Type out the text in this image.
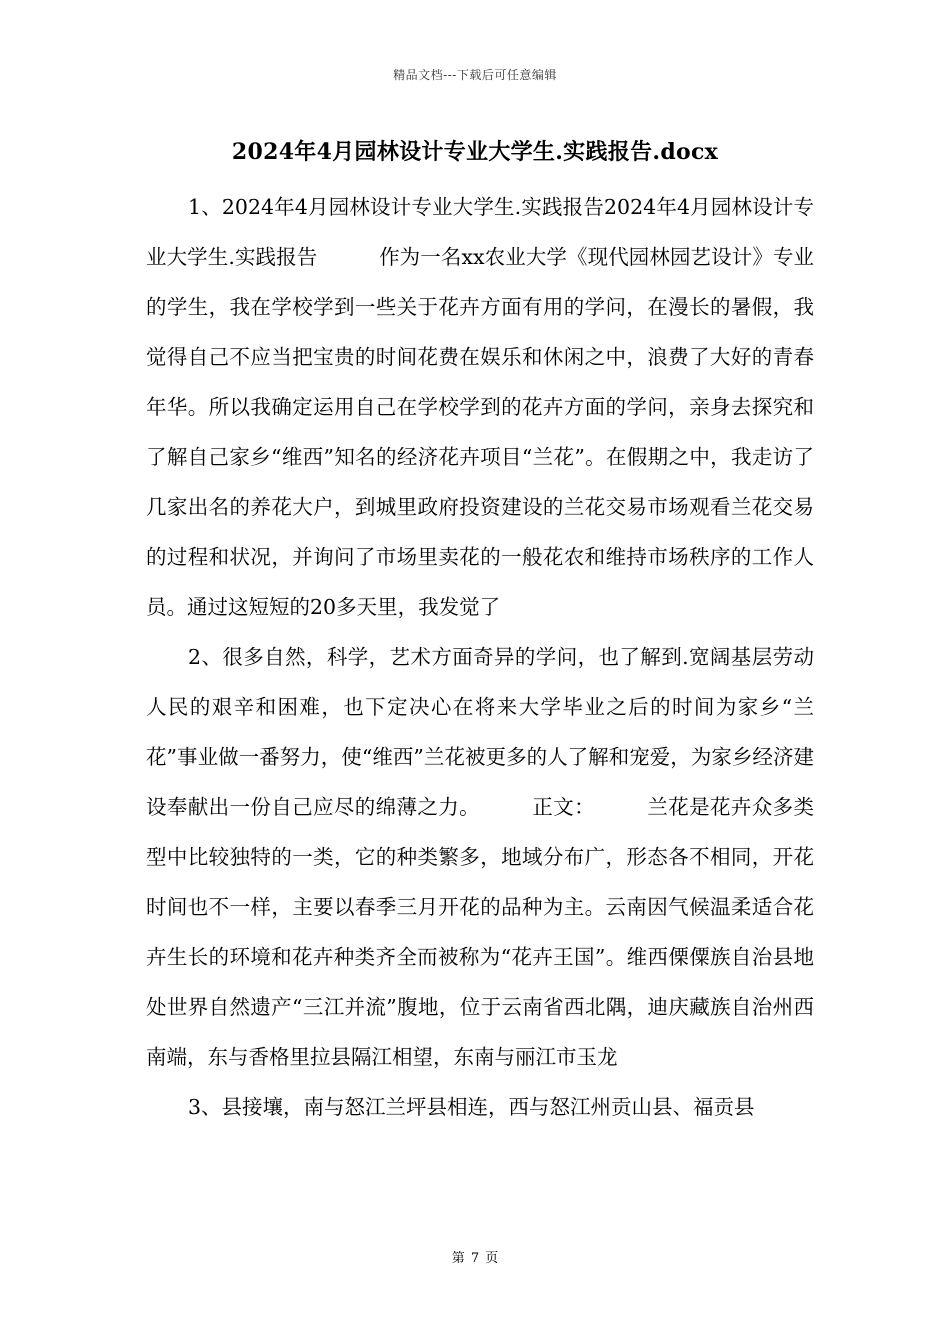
精品文档---下载后可任意编辑
2024年4月园林设计专业大学生.实践报告.docx

1、2024年4月园林设计专业大学生.实践报告2024年4月园林设计专业大学生.实践报告　　　作为一名xx农业大学《现代园林园艺设计》专业的学生，我在学校学到一些关于花卉方面有用的学问，在漫长的暑假，我觉得自己不应当把宝贵的时间花费在娱乐和休闲之中，浪费了大好的青春年华。所以我确定运用自己在学校学到的花卉方面的学问，亲身去探究和了解自己家乡“维西”知名的经济花卉项目“兰花”。在假期之中，我走访了几家出名的养花大户，到城里政府投资建设的兰花交易市场观看兰花交易的过程和状况，并询问了市场里卖花的一般花农和维持市场秩序的工作人员。通过这短短的20多天里，我发觉了

2、很多自然，科学，艺术方面奇异的学问，也了解到.宽阔基层劳动人民的艰辛和困难，也下定决心在将来大学毕业之后的时间为家乡“兰花”事业做一番努力，使“维西”兰花被更多的人了解和宠爱，为家乡经济建设奉献出一份自己应尽的绵薄之力。　　　正文：　　　兰花是花卉众多类型中比较独特的一类，它的种类繁多，地域分布广，形态各不相同，开花时间也不一样，主要以春季三月开花的品种为主。云南因气候温柔适合花卉生长的环境和花卉种类齐全而被称为“花卉王国”。维西傈僳族自治县地处世界自然遗产“三江并流”腹地，位于云南省西北隅，迪庆藏族自治州西南端，东与香格里拉县隔江相望，东南与丽江市玉龙

3、县接壤，南与怒江兰坪县相连，西与怒江州贡山县、福贡县

第 7 页
